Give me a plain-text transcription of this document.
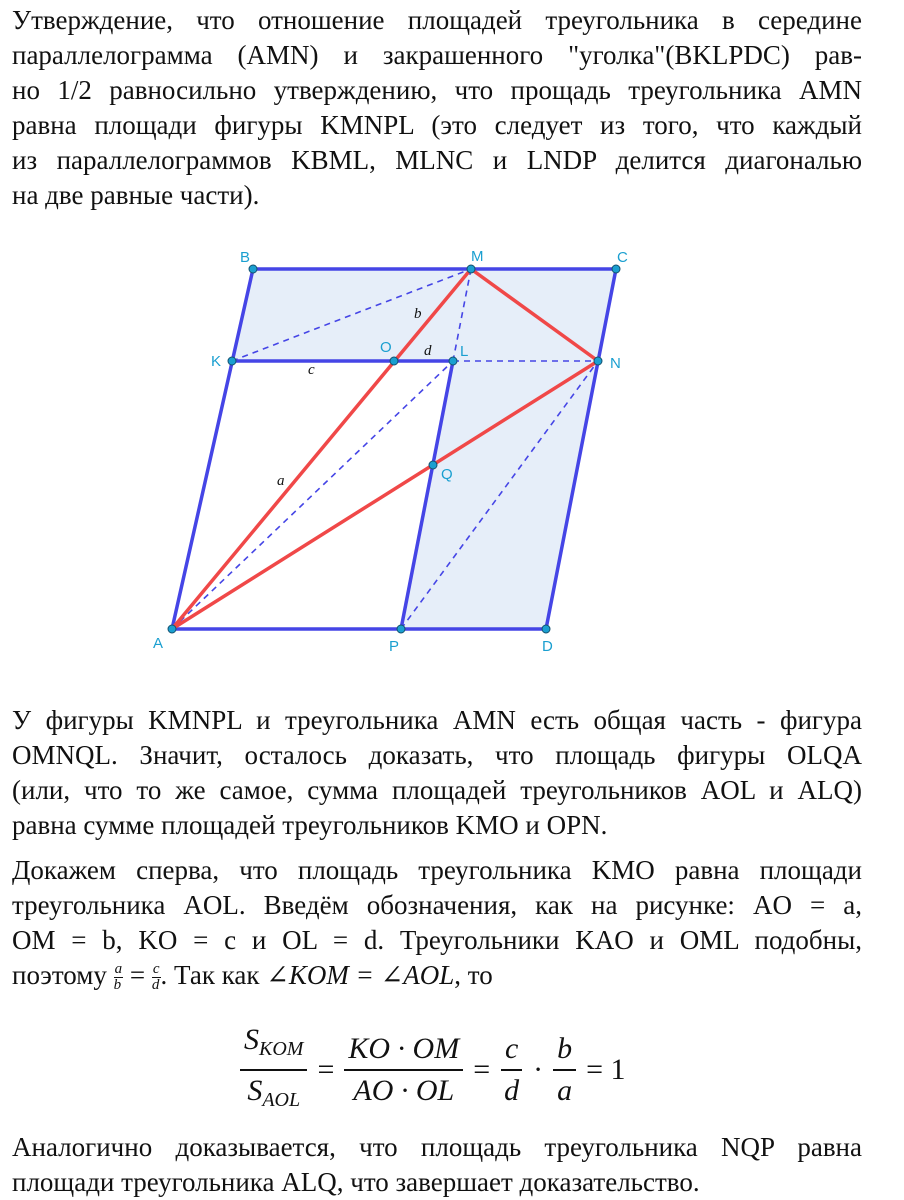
Утверждение, что отношение площадей треугольника в середине
параллелограмма (AMN) и закрашенного "уголка"(BKLPDC) рав-
но 1/2 равносильно утверждению, что прощадь треугольника AMN
равна площади фигуры KMNPL (это следует из того, что каждый
из параллелограммов KBML, MLNC и LNDP делится диагональю
на две равные части).
A
B	C
D
K
L
M
N
O
P
Q
a
b
c
d
У фигуры KMNPL и треугольника AMN есть общая часть - фигура
OMNQL. Значит, осталось доказать, что площадь фигуры OLQA
(или, что то же самое, сумма площадей треугольников AOL и ALQ)
равна сумме площадей треугольников KMO и OPN.
Докажем сперва, что площадь треугольника KMO равна площади
треугольника AOL. Введём обозначения, как на рисунке: AO = a,
OM = b, KO = c и OL = d. Треугольники KAO и OML подобны,
поэтому $\frac{a}{b} = \frac{c}{d}$ . Так как ∠KOM = ∠AOL, то
$S_{KOM}$
$S_{AOL}$
= $\frac{KO \cdot OM}{AO \cdot OL} = \frac{c}{d} \cdot \frac{b}{a} = 1$
Аналогично доказывается, что площадь треугольника NQP равна
площади треугольника ALQ, что завершает доказательство.
